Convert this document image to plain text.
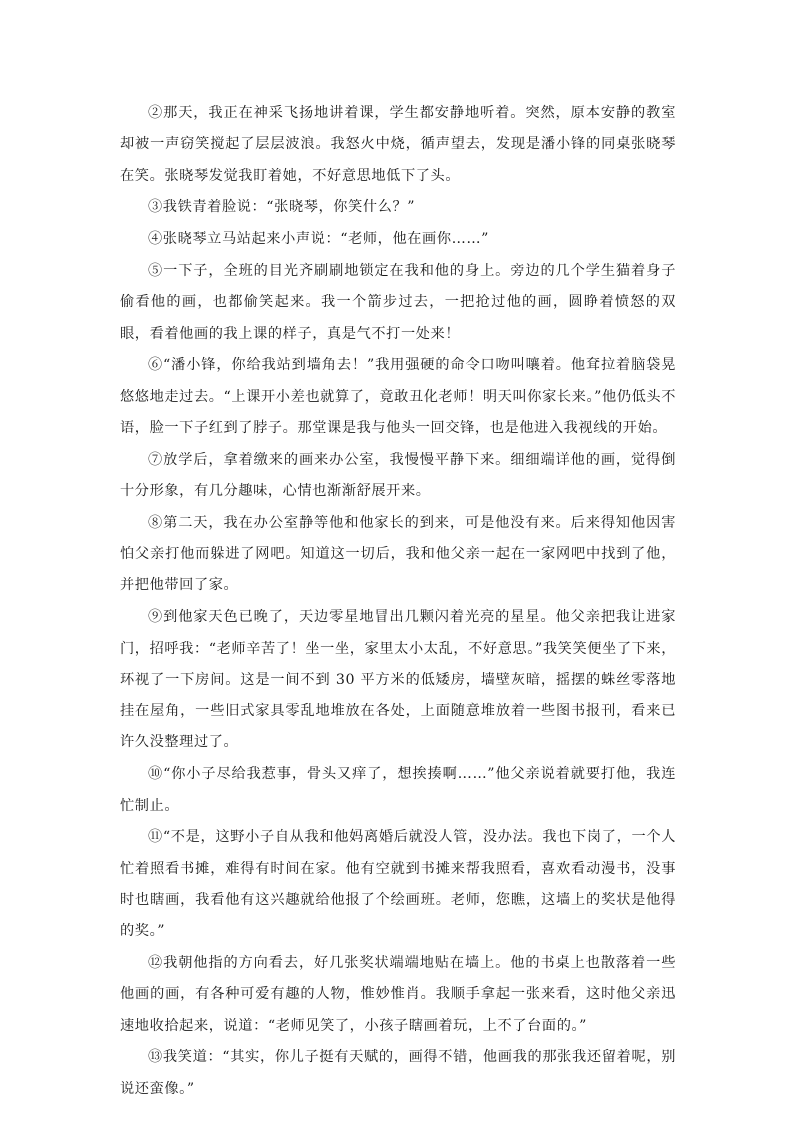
②那天，我正在神采飞扬地讲着课，学生都安静地听着。突然，原本安静的教室却被一声窃笑搅起了层层波浪。我怒火中烧，循声望去，发现是潘小锋的同桌张晓琴在笑。张晓琴发觉我盯着她，不好意思地低下了头。

③我铁青着脸说：“张晓琴，你笑什么？”

④张晓琴立马站起来小声说：“老师，他在画你……”

⑤一下子，全班的目光齐刷刷地锁定在我和他的身上。旁边的几个学生猫着身子偷看他的画，也都偷笑起来。我一个箭步过去，一把抢过他的画，圆睁着愤怒的双眼，看着他画的我上课的样子，真是气不打一处来！

⑥“潘小锋，你给我站到墙角去！”我用强硬的命令口吻叫嚷着。他耷拉着脑袋晃悠悠地走过去。“上课开小差也就算了，竟敢丑化老师！明天叫你家长来。”他仍低头不语，脸一下子红到了脖子。那堂课是我与他头一回交锋，也是他进入我视线的开始。

⑦放学后，拿着缴来的画来办公室，我慢慢平静下来。细细端详他的画，觉得倒十分形象，有几分趣味，心情也渐渐舒展开来。

⑧第二天，我在办公室静等他和他家长的到来，可是他没有来。后来得知他因害怕父亲打他而躲进了网吧。知道这一切后，我和他父亲一起在一家网吧中找到了他，并把他带回了家。

⑨到他家天色已晚了，天边零星地冒出几颗闪着光亮的星星。他父亲把我让进家门，招呼我：“老师辛苦了！坐一坐，家里太小太乱，不好意思。”我笑笑便坐了下来，环视了一下房间。这是一间不到 30 平方米的低矮房，墙壁灰暗，摇摆的蛛丝零落地挂在屋角，一些旧式家具零乱地堆放在各处，上面随意堆放着一些图书报刊，看来已许久没整理过了。

⑩“你小子尽给我惹事，骨头又痒了，想挨揍啊……”他父亲说着就要打他，我连忙制止。

⑪“不是，这野小子自从我和他妈离婚后就没人管，没办法。我也下岗了，一个人忙着照看书摊，难得有时间在家。他有空就到书摊来帮我照看，喜欢看动漫书，没事时也瞎画，我看他有这兴趣就给他报了个绘画班。老师，您瞧，这墙上的奖状是他得的奖。”

⑫我朝他指的方向看去，好几张奖状端端地贴在墙上。他的书桌上也散落着一些他画的画，有各种可爱有趣的人物，惟妙惟肖。我顺手拿起一张来看，这时他父亲迅速地收拾起来，说道：“老师见笑了，小孩子瞎画着玩，上不了台面的。”

⑬我笑道：“其实，你儿子挺有天赋的，画得不错，他画我的那张我还留着呢，别说还蛮像。”
